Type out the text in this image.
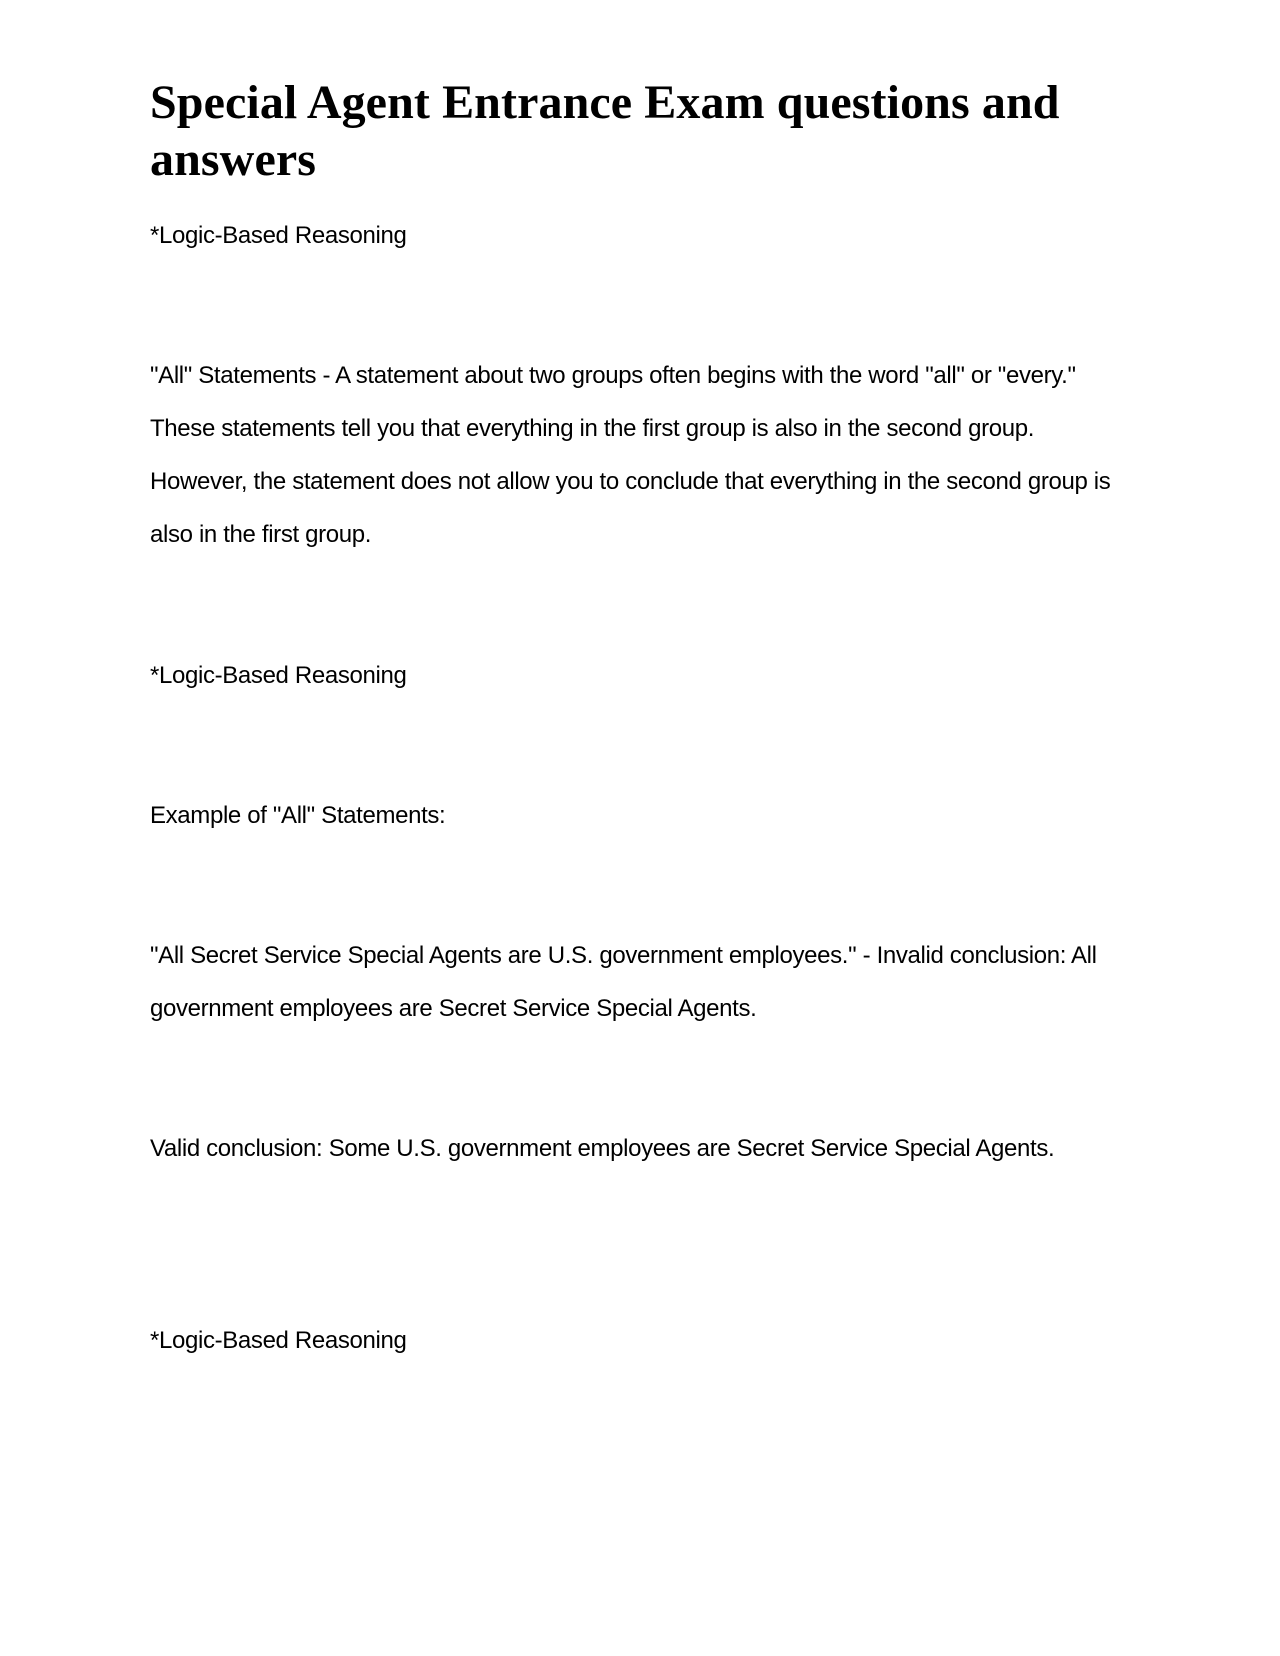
Special Agent Entrance Exam questions and answers

*Logic-Based Reasoning

"All" Statements - A statement about two groups often begins with the word "all" or "every." These statements tell you that everything in the first group is also in the second group. However, the statement does not allow you to conclude that everything in the second group is also in the first group.

*Logic-Based Reasoning

Example of "All" Statements:

"All Secret Service Special Agents are U.S. government employees." - Invalid conclusion: All government employees are Secret Service Special Agents.

Valid conclusion: Some U.S. government employees are Secret Service Special Agents.

*Logic-Based Reasoning
